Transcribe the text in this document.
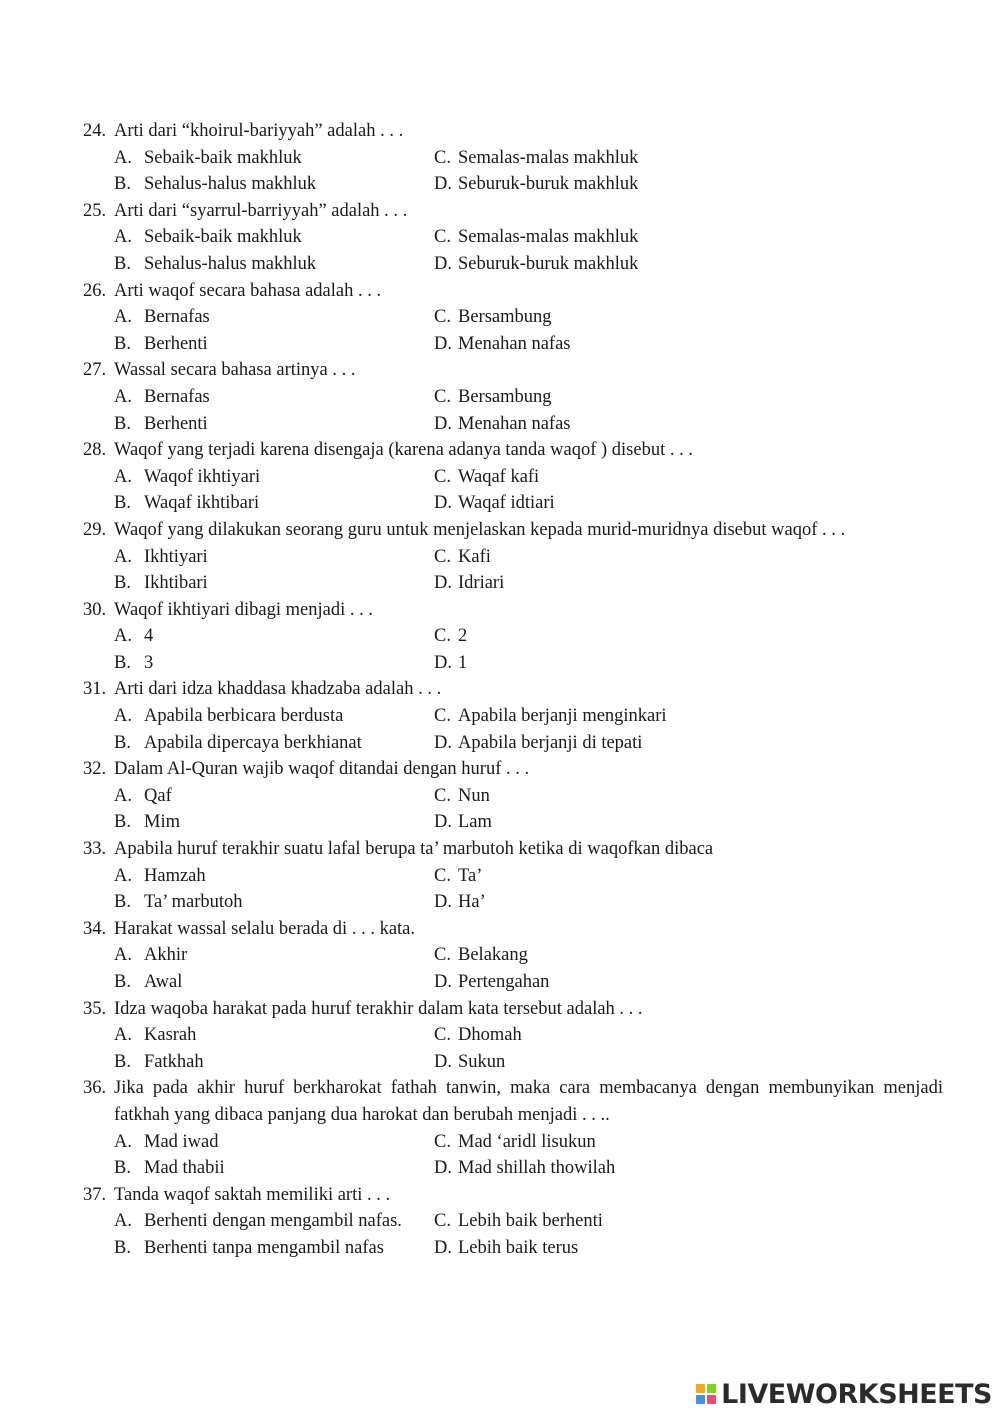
24. Arti dari “khoirul-bariyyah” adalah . . .
A. Sebaik-baik makhluk	C. Semalas-malas makhluk
B. Sehalus-halus makhluk	D. Seburuk-buruk makhluk
25. Arti dari “syarrul-barriyyah” adalah . . .
A. Sebaik-baik makhluk	C. Semalas-malas makhluk
B. Sehalus-halus makhluk	D. Seburuk-buruk makhluk
26. Arti waqof secara bahasa adalah . . .
A. Bernafas	C. Bersambung
B. Berhenti	D. Menahan nafas
27. Wassal secara bahasa artinya . . .
A. Bernafas	C. Bersambung
B. Berhenti	D. Menahan nafas
28. Waqof yang terjadi karena disengaja (karena adanya tanda waqof ) disebut . . .
A. Waqof ikhtiyari	C. Waqaf kafi
B. Waqaf ikhtibari	D. Waqaf idtiari
29. Waqof yang dilakukan seorang guru untuk menjelaskan kepada murid-muridnya disebut waqof . . .
A. Ikhtiyari	C. Kafi
B. Ikhtibari	D. Idriari
30. Waqof ikhtiyari dibagi menjadi . . .
A. 4	C. 2
B. 3	D. 1
31. Arti dari idza khaddasa khadzaba adalah . . .
A. Apabila berbicara berdusta	C. Apabila berjanji menginkari
B. Apabila dipercaya berkhianat	D. Apabila berjanji di tepati
32. Dalam Al-Quran wajib waqof ditandai dengan huruf . . .
A. Qaf	C. Nun
B. Mim	D. Lam
33. Apabila huruf terakhir suatu lafal berupa ta’ marbutoh ketika di waqofkan dibaca
A. Hamzah	C. Ta’
B. Ta’ marbutoh	D. Ha’
34. Harakat wassal selalu berada di . . . kata.
A. Akhir	C. Belakang
B. Awal	D. Pertengahan
35. Idza waqoba harakat pada huruf terakhir dalam kata tersebut adalah . . .
A. Kasrah	C. Dhomah
B. Fatkhah	D. Sukun
36. Jika pada akhir huruf berkharokat fathah tanwin, maka cara membacanya dengan membunyikan menjadi fatkhah yang dibaca panjang dua harokat dan berubah menjadi . . ..
A. Mad iwad	C. Mad ‘aridl lisukun
B. Mad thabii	D. Mad shillah thowilah
37. Tanda waqof saktah memiliki arti . . .
A. Berhenti dengan mengambil nafas. C. Lebih baik berhenti
B. Berhenti tanpa mengambil nafas	D. Lebih baik terus
LIVEWORKSHEETS
